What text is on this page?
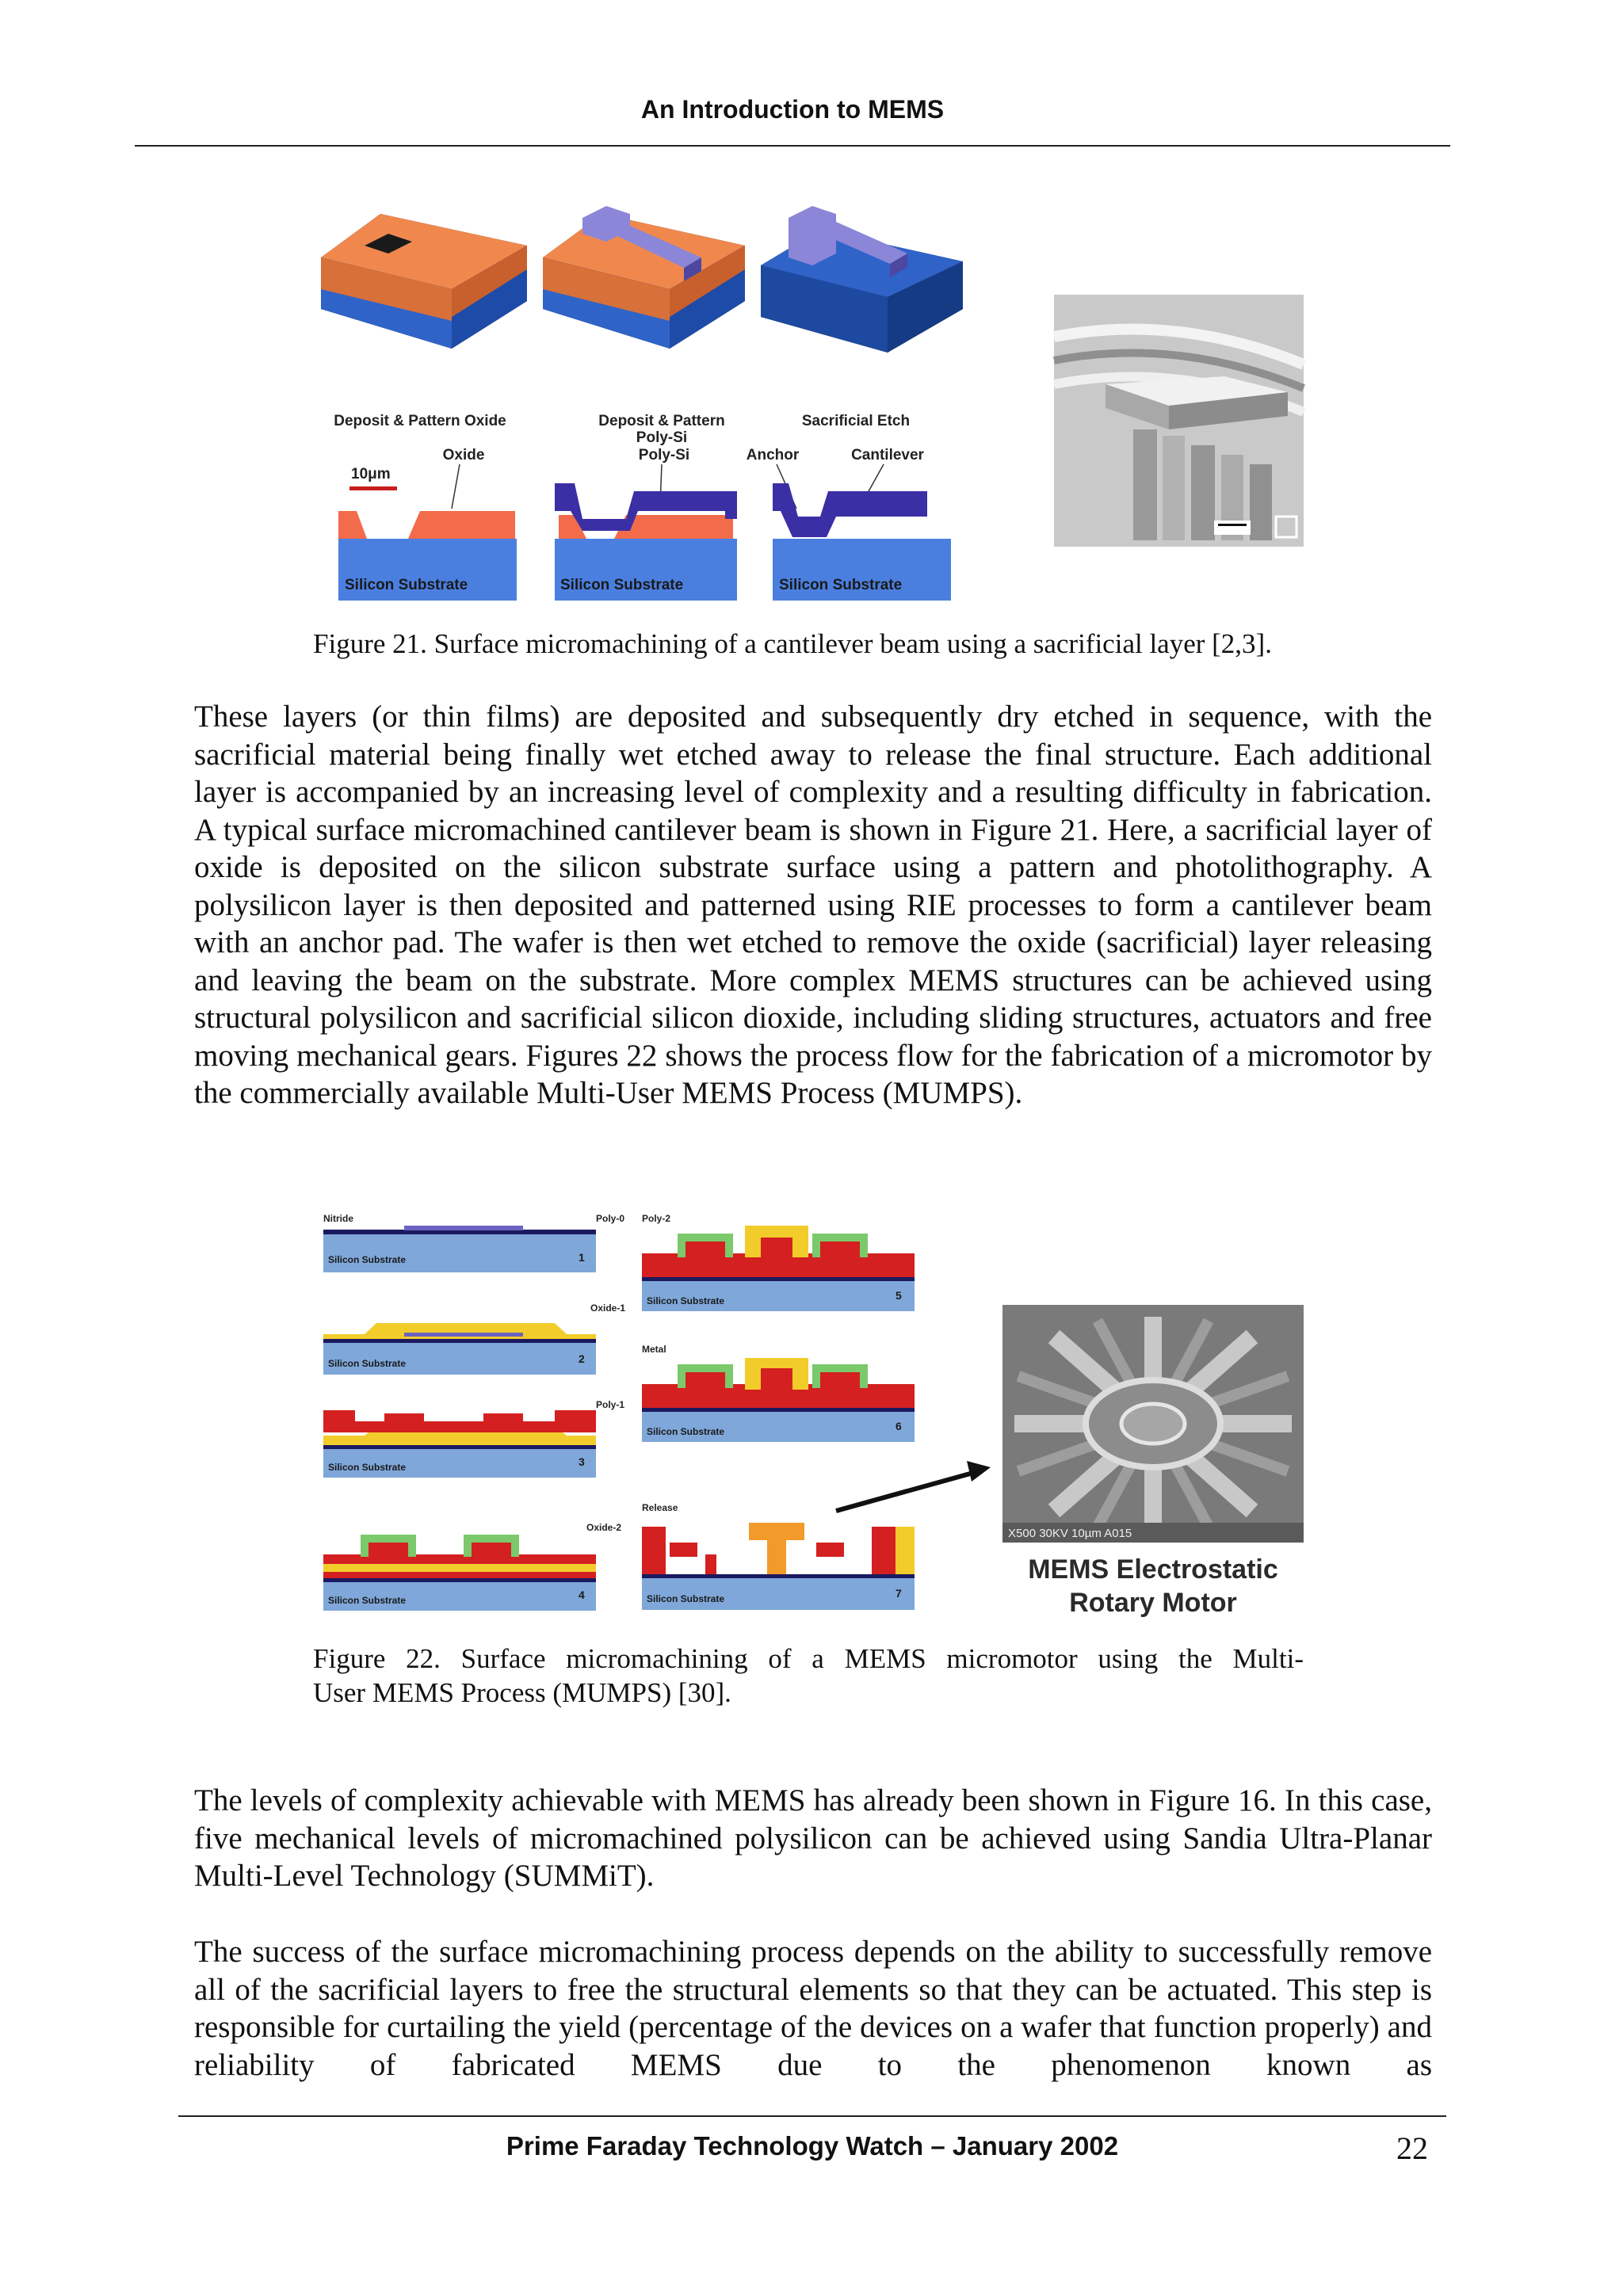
An Introduction to MEMS
Deposit & Pattern Oxide	Deposit & Pattern
Poly-Si
Sacrificial Etch
Oxide
10μm
Silicon Substrate
Poly-Si
Silicon Substrate
Anchor	Cantilever
Silicon Substrate
Figure 21. Surface micromachining of a cantilever beam using a sacrificial layer [2,3].

These layers (or thin films) are deposited and subsequently dry etched in sequence, with the sacrificial material being finally wet etched away to release the final structure. Each additional layer is accompanied by an increasing level of complexity and a resulting difficulty in fabrication. A typical surface micromachined cantilever beam is shown in Figure 21. Here, a sacrificial layer of oxide is deposited on the silicon substrate surface using a pattern and photolithography. A polysilicon layer is then deposited and patterned using RIE processes to form a cantilever beam with an anchor pad. The wafer is then wet etched to remove the oxide (sacrificial) layer releasing and leaving the beam on the substrate. More complex MEMS structures can be achieved using structural polysilicon and sacrificial silicon dioxide, including sliding structures, actuators and free moving mechanical gears. Figures 22 shows the process flow for the fabrication of a micromotor by the commercially available Multi-User MEMS Process (MUMPS).

Nitride	Poly-0
Silicon Substrate	1
Oxide-1
Silicon Substrate	2
Poly-1
Silicon Substrate	3
Oxide-2
Silicon Substrate	4
Poly-2
Silicon Substrate	5
Metal
Silicon Substrate	6
Release
Silicon Substrate	7
X500 30KV 10µm A015
MEMS Electrostatic
Rotary Motor
Figure 22. Surface micromachining of a MEMS micromotor using the Multi-
User MEMS Process (MUMPS) [30].

The levels of complexity achievable with MEMS has already been shown in Figure 16. In this case, five mechanical levels of micromachined polysilicon can be achieved using Sandia Ultra-Planar Multi-Level Technology (SUMMiT).

The success of the surface micromachining process depends on the ability to successfully remove all of the sacrificial layers to free the structural elements so that they can be actuated. This step is responsible for curtailing the yield (percentage of the devices on a wafer that function properly) and reliability of fabricated MEMS due to the phenomenon known as

Prime Faraday Technology Watch – January 2002	22
